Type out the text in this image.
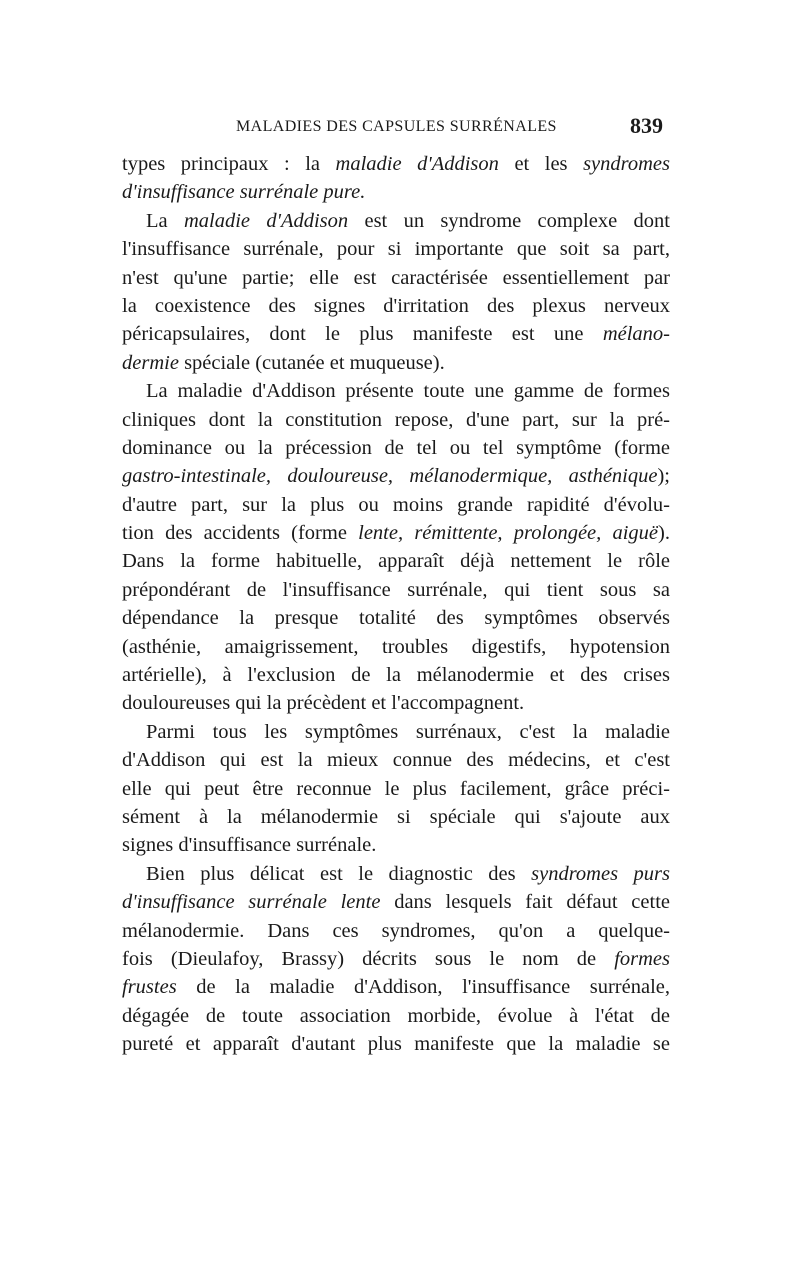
MALADIES DES CAPSULES SURRÉNALES	839
types principaux : la maladie d'Addison et les syndromes
d'insuffisance surrénale pure.
La maladie d'Addison est un syndrome complexe dont
l'insuffisance surrénale, pour si importante que soit sa part,
n'est qu'une partie; elle est caractérisée essentiellement par
la coexistence des signes d'irritation des plexus nerveux
péricapsulaires, dont le plus manifeste est une mélano-
dermie spéciale (cutanée et muqueuse).
La maladie d'Addison présente toute une gamme de formes
cliniques dont la constitution repose, d'une part, sur la pré-
dominance ou la précession de tel ou tel symptôme (forme
gastro-intestinale, douloureuse, mélanodermique, asthénique);
d'autre part, sur la plus ou moins grande rapidité d'évolu-
tion des accidents (forme lente, rémittente, prolongée, aiguë).
Dans la forme habituelle, apparaît déjà nettement le rôle
prépondérant de l'insuffisance surrénale, qui tient sous sa
dépendance la presque totalité des symptômes observés
(asthénie, amaigrissement, troubles digestifs, hypotension
artérielle), à l'exclusion de la mélanodermie et des crises
douloureuses qui la précèdent et l'accompagnent.
Parmi tous les symptômes surrénaux, c'est la maladie
d'Addison qui est la mieux connue des médecins, et c'est
elle qui peut être reconnue le plus facilement, grâce préci-
sément à la mélanodermie si spéciale qui s'ajoute aux
signes d'insuffisance surrénale.
Bien plus délicat est le diagnostic des syndromes purs
d'insuffisance surrénale lente dans lesquels fait défaut cette
mélanodermie. Dans ces syndromes, qu'on a quelque-
fois (Dieulafoy, Brassy) décrits sous le nom de formes
frustes de la maladie d'Addison, l'insuffisance surrénale,
dégagée de toute association morbide, évolue à l'état de
pureté et apparaît d'autant plus manifeste que la maladie se
